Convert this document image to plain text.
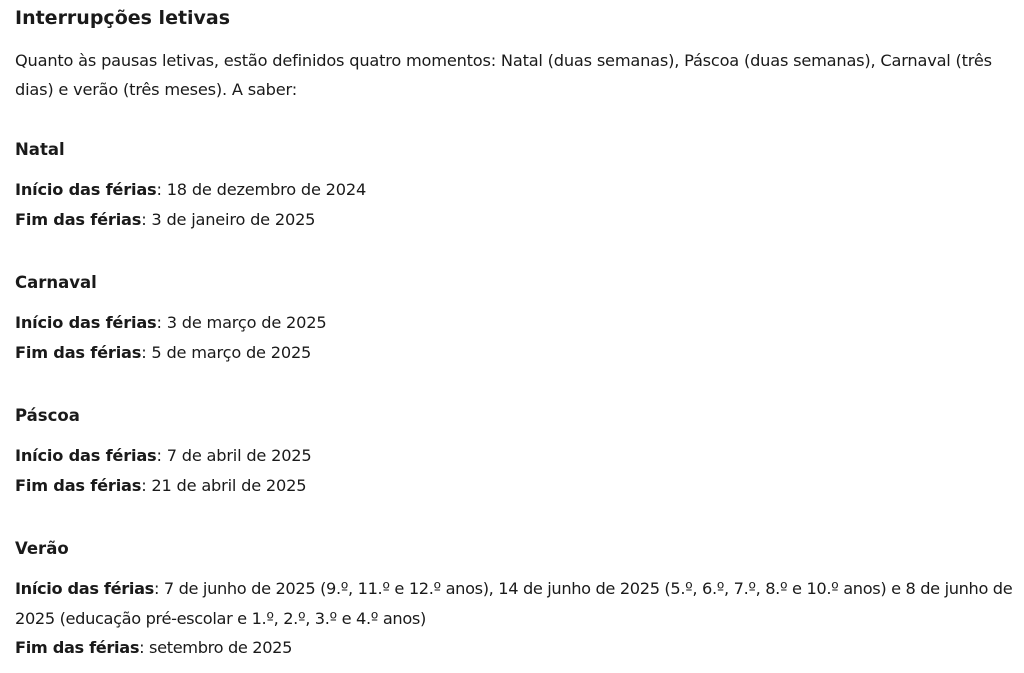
Interrupções letivas

Quanto às pausas letivas, estão definidos quatro momentos: Natal (duas semanas), Páscoa (duas semanas), Carnaval (três dias) e verão (três meses). A saber:

Natal

Início das férias: 18 de dezembro de 2024

Fim das férias: 3 de janeiro de 2025

Carnaval

Início das férias: 3 de março de 2025

Fim das férias: 5 de março de 2025

Páscoa

Início das férias: 7 de abril de 2025

Fim das férias: 21 de abril de 2025

Verão

Início das férias: 7 de junho de 2025 (9.º, 11.º e 12.º anos), 14 de junho de 2025 (5.º, 6.º, 7.º, 8.º e 10.º anos) e 8 de junho de 2025 (educação pré-escolar e 1.º, 2.º, 3.º e 4.º anos)

Fim das férias: setembro de 2025
